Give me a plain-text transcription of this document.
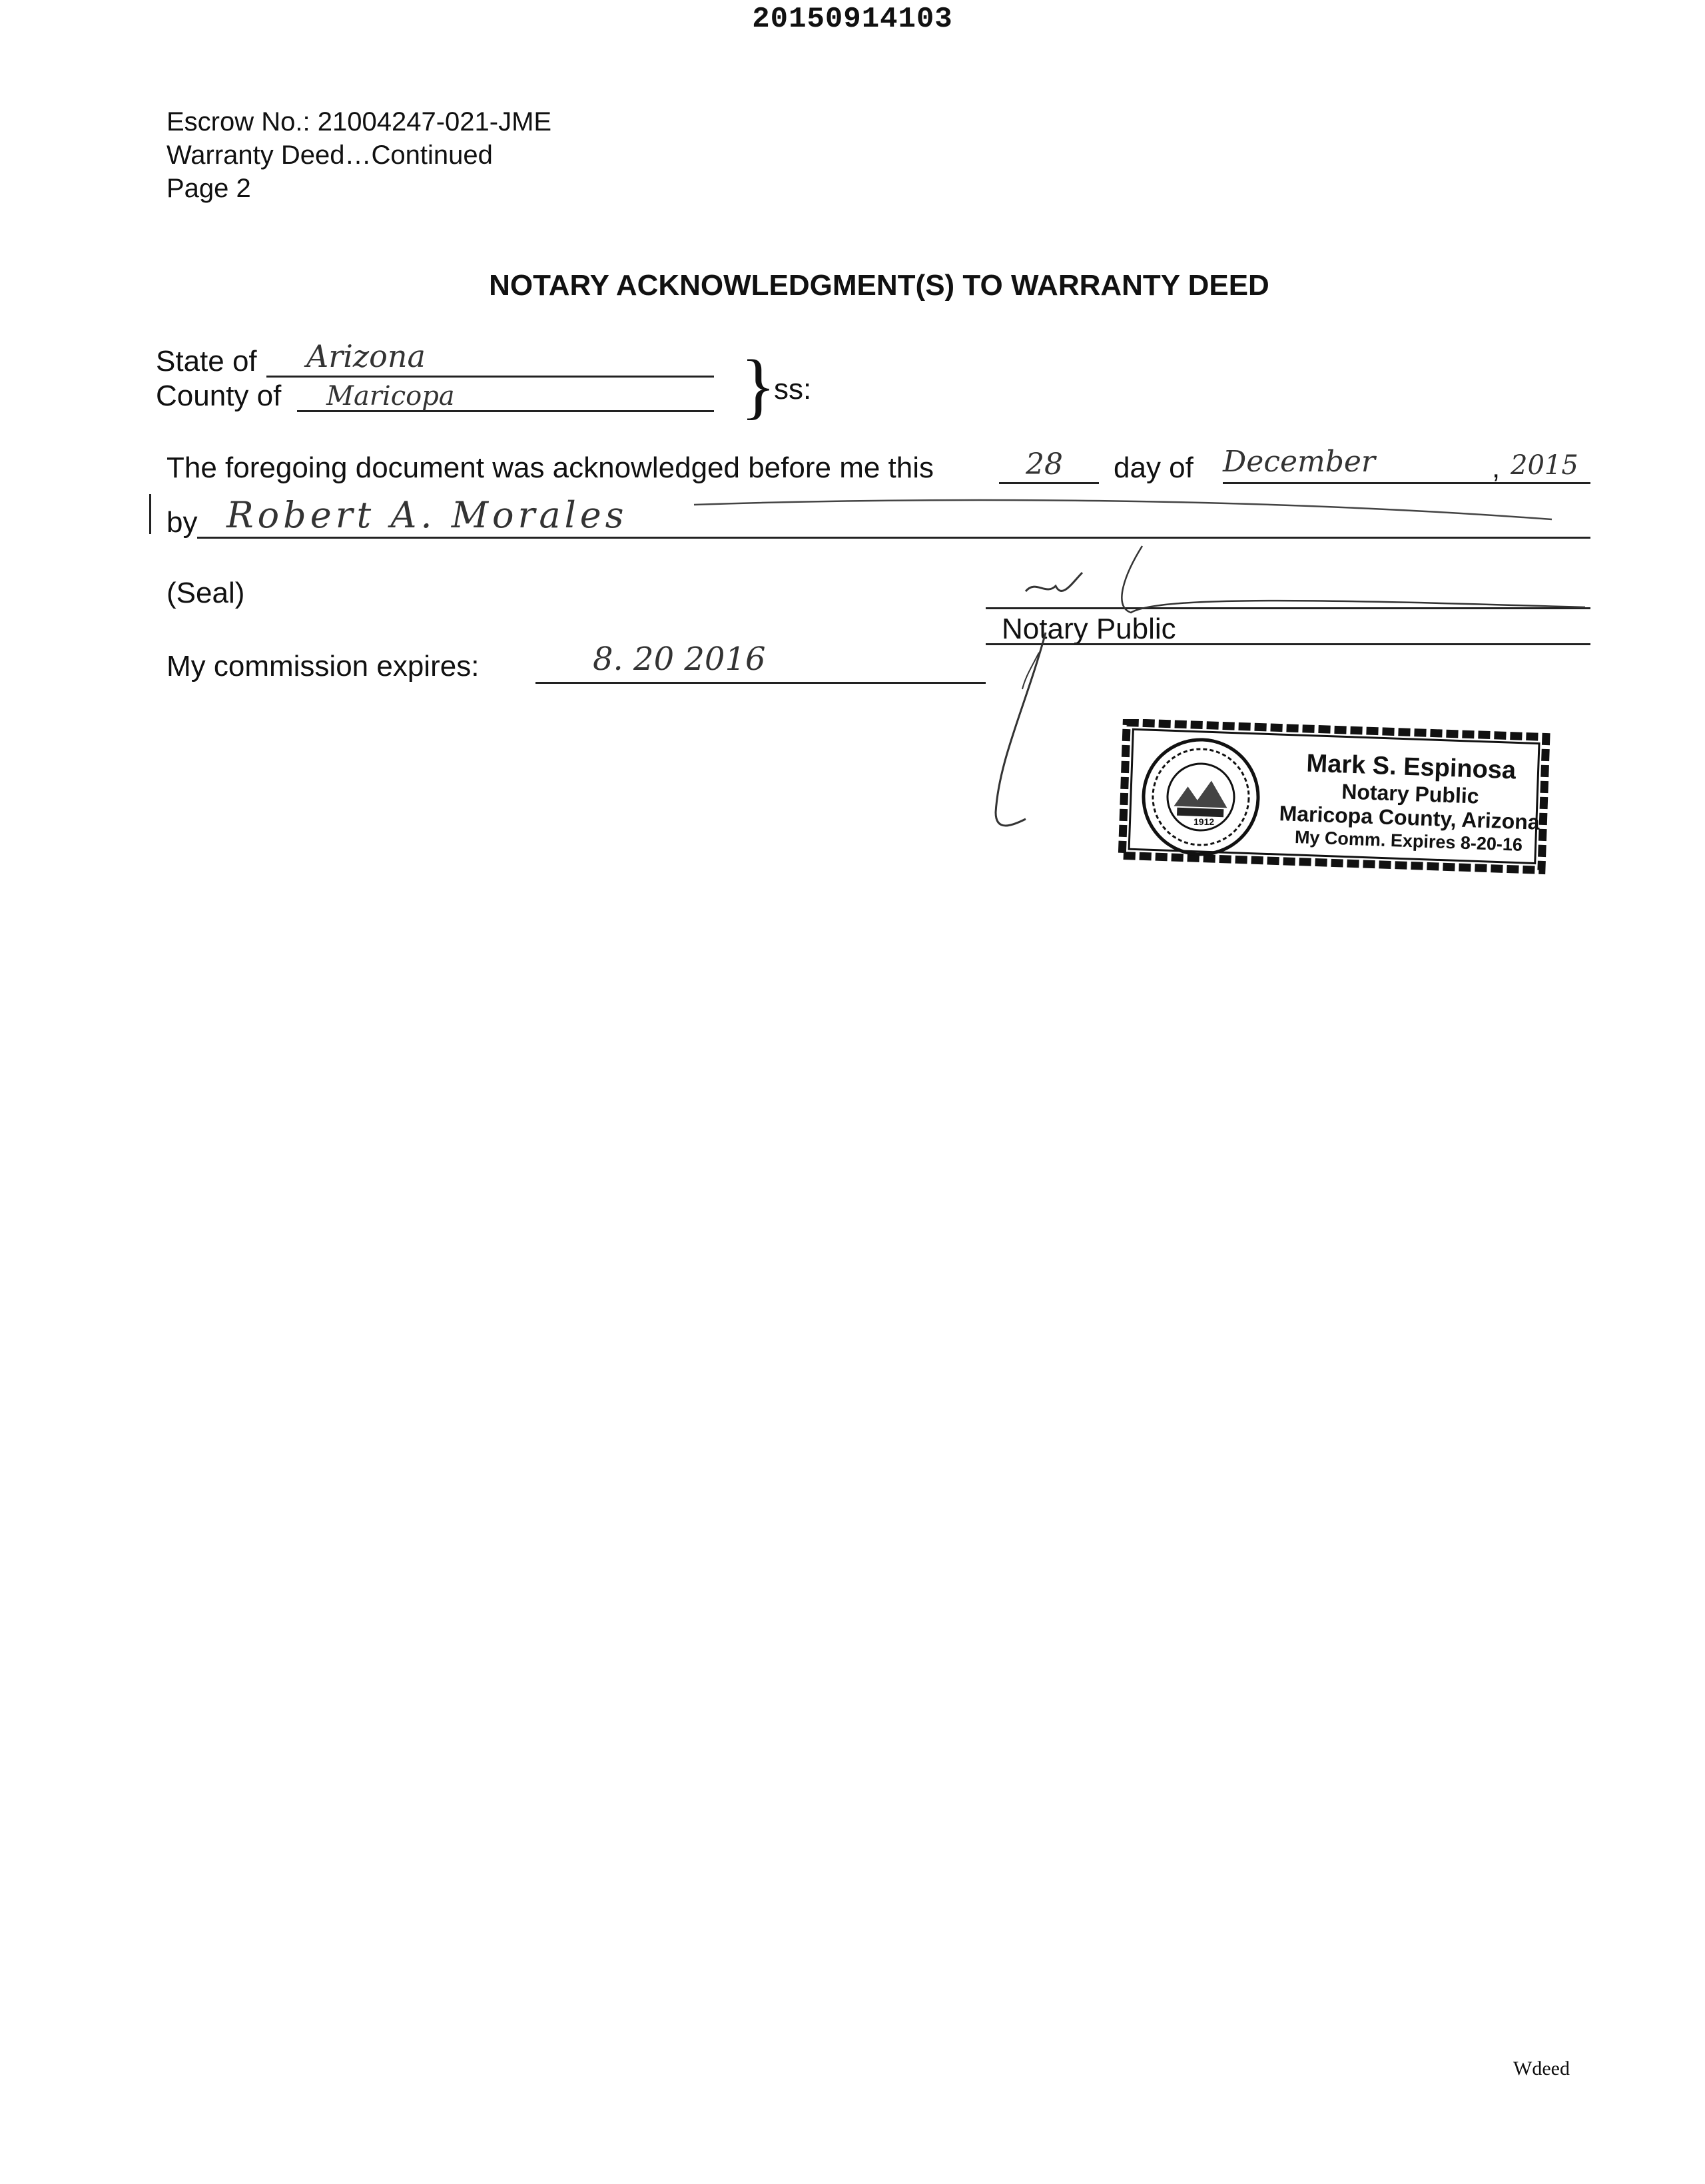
20150914103
Escrow No.: 21004247-021-JME
Warranty Deed…Continued
Page 2
NOTARY ACKNOWLEDGMENT(S) TO WARRANTY DEED
State of Arizona
County of Maricopa	}
ss:
The foregoing document was acknowledged before me this	28 day of December	, 2015
by Robert A. Morales
(Seal)
Notary Public
My commission expires:	8. 20 2016
1912
Mark S. Espinosa
Notary Public
Maricopa County, Arizona
My Comm. Expires 8-20-16
Wdeed
